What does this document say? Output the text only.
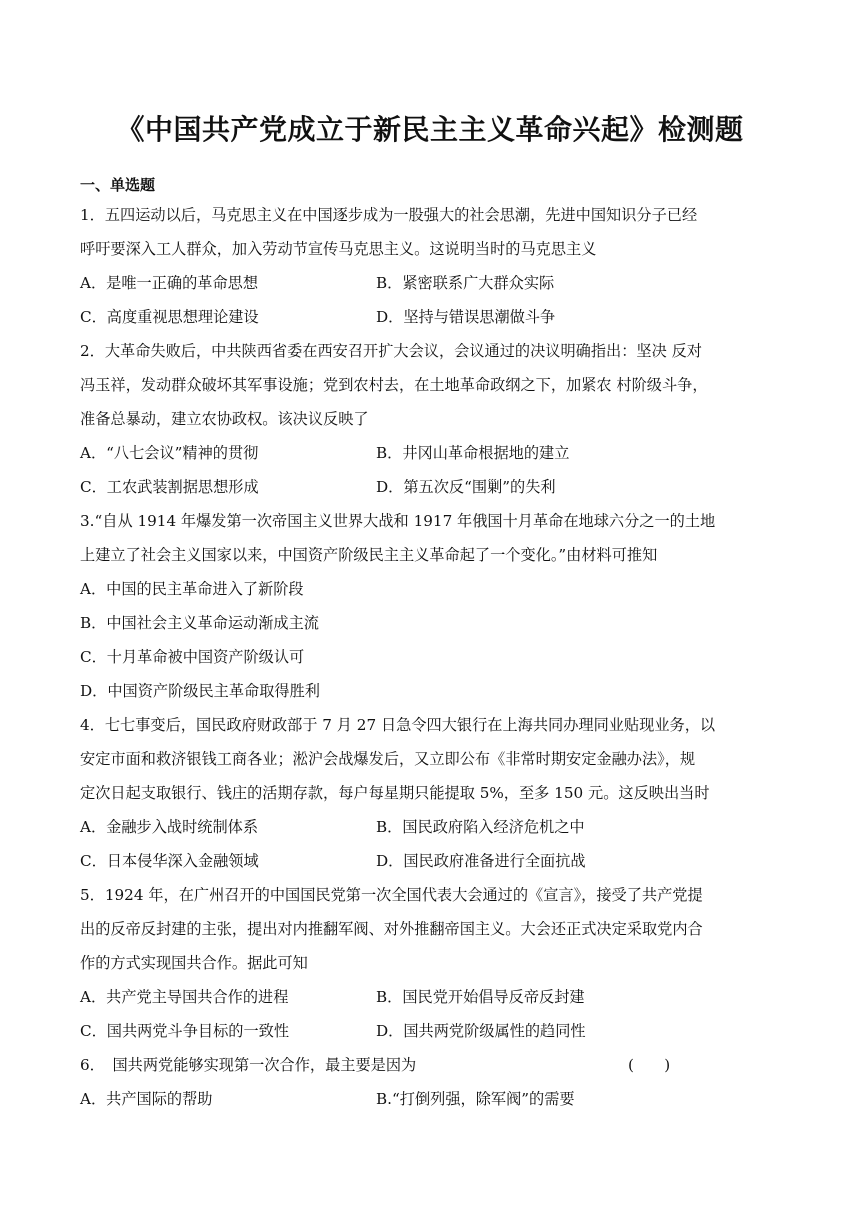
《中国共产党成立于新民主主义革命兴起》检测题
一、单选题
1．五四运动以后，马克思主义在中国逐步成为一股强大的社会思潮，先进中国知识分子已经
呼吁要深入工人群众，加入劳动节宣传马克思主义。这说明当时的马克思主义
A．是唯一正确的革命思想	B．紧密联系广大群众实际
C．高度重视思想理论建设	D．坚持与错误思潮做斗争
2．大革命失败后，中共陕西省委在西安召开扩大会议，会议通过的决议明确指出：坚决 反对
冯玉祥，发动群众破坏其军事设施；党到农村去，在土地革命政纲之下，加紧农 村阶级斗争，
准备总暴动，建立农协政权。该决议反映了
A．“八七会议”精神的贯彻	B．井冈山革命根据地的建立
C．工农武装割据思想形成	D．第五次反“围剿”的失利
3.“自从 1914 年爆发第一次帝国主义世界大战和 1917 年俄国十月革命在地球六分之一的土地
上建立了社会主义国家以来，中国资产阶级民主主义革命起了一个变化。”由材料可推知
A．中国的民主革命进入了新阶段
B．中国社会主义革命运动渐成主流
C．十月革命被中国资产阶级认可
D．中国资产阶级民主革命取得胜利
4．七七事变后，国民政府财政部于 7 月 27 日急令四大银行在上海共同办理同业贴现业务，以
安定市面和救济银钱工商各业；淞沪会战爆发后，又立即公布《非常时期安定金融办法》，规
定次日起支取银行、钱庄的活期存款，每户每星期只能提取 5%，至多 150 元。这反映出当时
A．金融步入战时统制体系	B．国民政府陷入经济危机之中
C．日本侵华深入金融领域	D．国民政府准备进行全面抗战
5．1924 年，在广州召开的中国国民党第一次全国代表大会通过的《宣言》，接受了共产党提
出的反帝反封建的主张，提出对内推翻军阀、对外推翻帝国主义。大会还正式决定采取党内合
作的方式实现国共合作。据此可知
A．共产党主导国共合作的进程	B．国民党开始倡导反帝反封建
C．国共两党斗争目标的一致性	D．国共两党阶级属性的趋同性
6．　国共两党能够实现第一次合作，最主要是因为	(　　)
A．共产国际的帮助	B.“打倒列强，除军阀”的需要
